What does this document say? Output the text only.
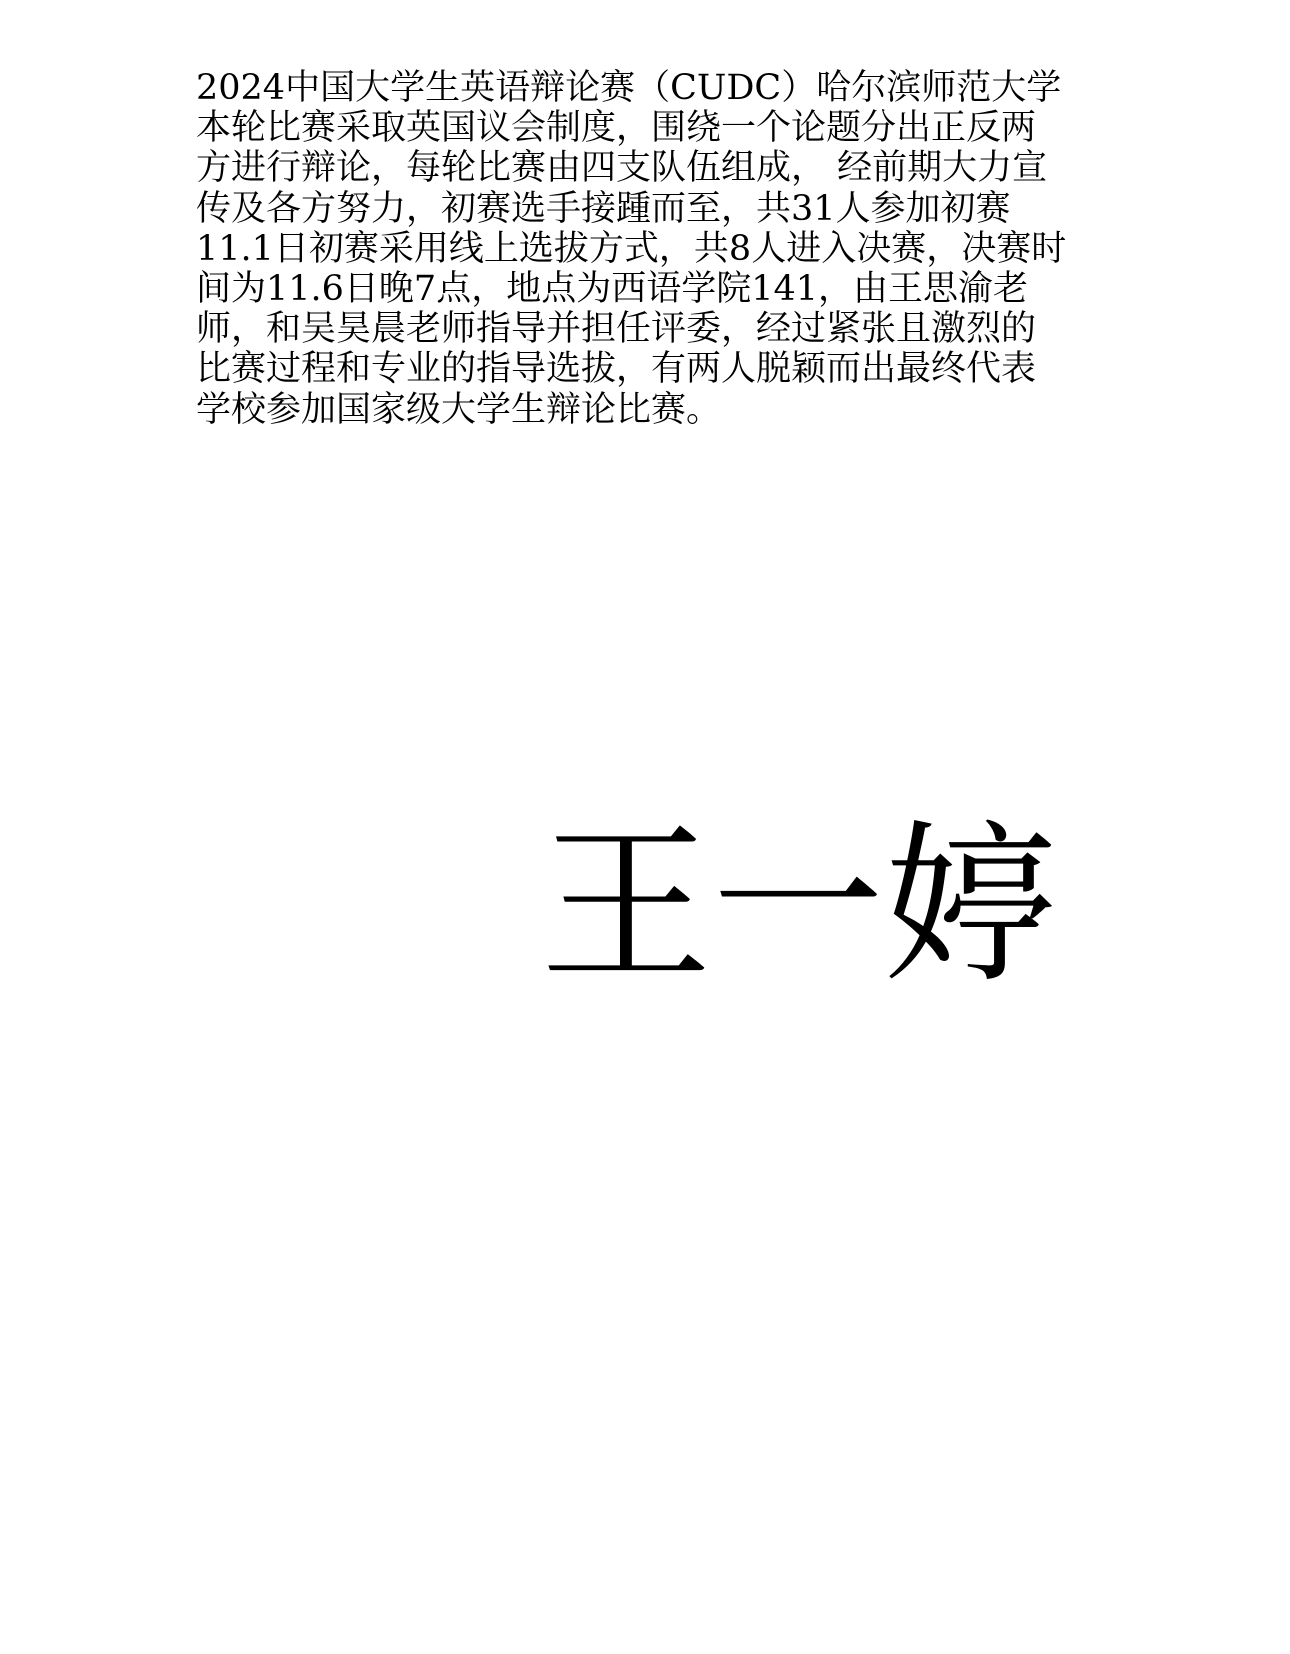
2024中国大学生英语辩论赛（CUDC）哈尔滨师范大学
本轮比赛采取英国议会制度，围绕一个论题分出正反两
方进行辩论，每轮比赛由四支队伍组成， 经前期大力宣
传及各方努力，初赛选手接踵而至，共31人参加初赛
11.1日初赛采用线上选拔方式，共8人进入决赛，决赛时
间为11.6日晚7点，地点为西语学院141，由王思渝老
师，和吴昊晨老师指导并担任评委，经过紧张且激烈的
比赛过程和专业的指导选拔，有两人脱颖而出最终代表
学校参加国家级大学生辩论比赛。
王一婷
